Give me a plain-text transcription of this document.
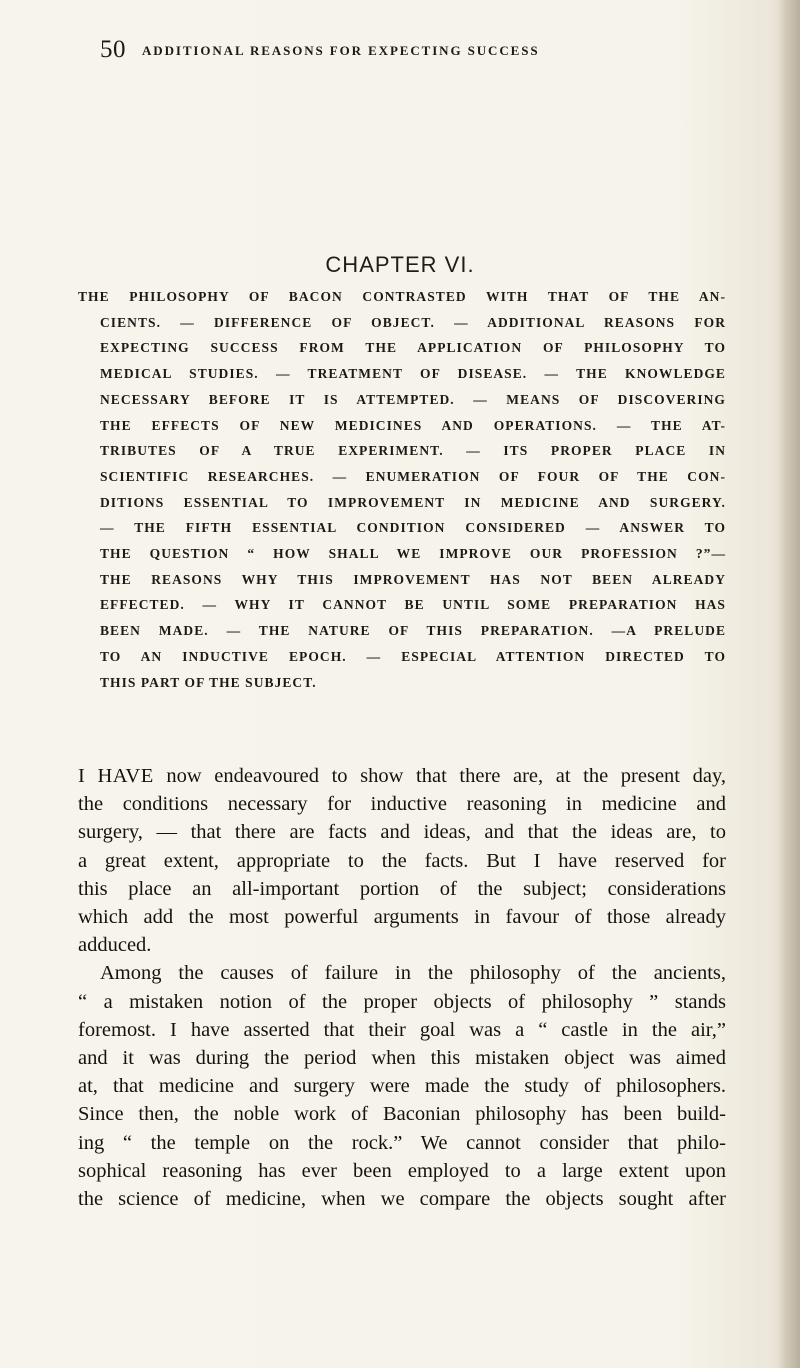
50 ADDITIONAL REASONS FOR EXPECTING SUCCESS
CHAPTER VI.
THE PHILOSOPHY OF BACON CONTRASTED WITH THAT OF THE AN-
CIENTS. — DIFFERENCE OF OBJECT. — ADDITIONAL REASONS FOR
EXPECTING SUCCESS FROM THE APPLICATION OF PHILOSOPHY TO
MEDICAL STUDIES. — TREATMENT OF DISEASE. — THE KNOWLEDGE
NECESSARY BEFORE IT IS ATTEMPTED. — MEANS OF DISCOVERING
THE EFFECTS OF NEW MEDICINES AND OPERATIONS. — THE AT-
TRIBUTES OF A TRUE EXPERIMENT. — ITS PROPER PLACE IN
SCIENTIFIC RESEARCHES. — ENUMERATION OF FOUR OF THE CON-
DITIONS ESSENTIAL TO IMPROVEMENT IN MEDICINE AND SURGERY.
— THE FIFTH ESSENTIAL CONDITION CONSIDERED — ANSWER TO
THE QUESTION “ HOW SHALL WE IMPROVE OUR PROFESSION ?”—
THE REASONS WHY THIS IMPROVEMENT HAS NOT BEEN ALREADY
EFFECTED. — WHY IT CANNOT BE UNTIL SOME PREPARATION HAS
BEEN MADE. — THE NATURE OF THIS PREPARATION. —A PRELUDE
TO AN INDUCTIVE EPOCH. — ESPECIAL ATTENTION DIRECTED TO
THIS PART OF THE SUBJECT.
I HAVE now endeavoured to show that there are, at the present day,
the conditions necessary for inductive reasoning in medicine and
surgery, — that there are facts and ideas, and that the ideas are, to
a great extent, appropriate to the facts. But I have reserved for
this place an all-important portion of the subject; considerations
which add the most powerful arguments in favour of those already
adduced.
Among the causes of failure in the philosophy of the ancients,
“ a mistaken notion of the proper objects of philosophy ” stands
foremost. I have asserted that their goal was a “ castle in the air,”
and it was during the period when this mistaken object was aimed
at, that medicine and surgery were made the study of philosophers.
Since then, the noble work of Baconian philosophy has been build-
ing “ the temple on the rock.” We cannot consider that philo-
sophical reasoning has ever been employed to a large extent upon
the science of medicine, when we compare the objects sought after
